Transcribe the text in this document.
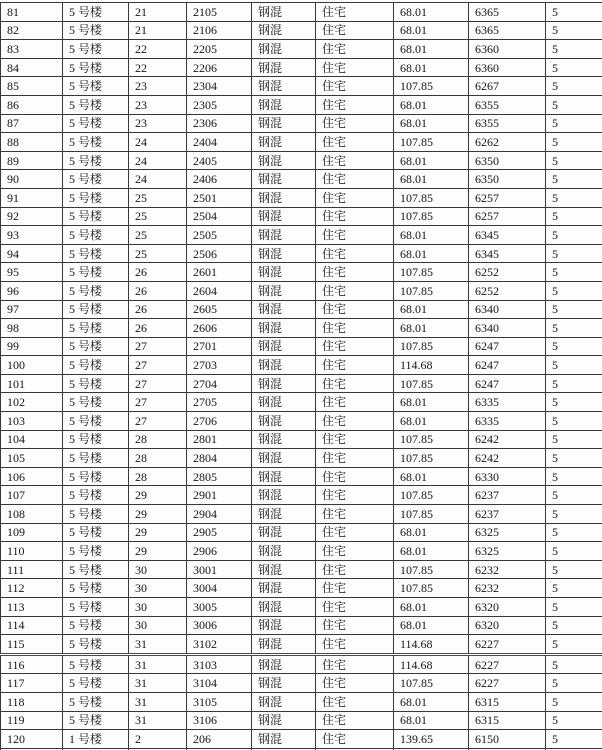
81	5 号楼	21	2105	钢混	住宅	68.01	6365	5
82	5 号楼	21	2106	钢混	住宅	68.01	6365	5
83	5 号楼	22	2205	钢混	住宅	68.01	6360	5
84	5 号楼	22	2206	钢混	住宅	68.01	6360	5
85	5 号楼	23	2304	钢混	住宅	107.85	6267	5
86	5 号楼	23	2305	钢混	住宅	68.01	6355	5
87	5 号楼	23	2306	钢混	住宅	68.01	6355	5
88	5 号楼	24	2404	钢混	住宅	107.85	6262	5
89	5 号楼	24	2405	钢混	住宅	68.01	6350	5
90	5 号楼	24	2406	钢混	住宅	68.01	6350	5
91	5 号楼	25	2501	钢混	住宅	107.85	6257	5
92	5 号楼	25	2504	钢混	住宅	107.85	6257	5
93	5 号楼	25	2505	钢混	住宅	68.01	6345	5
94	5 号楼	25	2506	钢混	住宅	68.01	6345	5
95	5 号楼	26	2601	钢混	住宅	107.85	6252	5
96	5 号楼	26	2604	钢混	住宅	107.85	6252	5
97	5 号楼	26	2605	钢混	住宅	68.01	6340	5
98	5 号楼	26	2606	钢混	住宅	68.01	6340	5
99	5 号楼	27	2701	钢混	住宅	107.85	6247	5
100	5 号楼	27	2703	钢混	住宅	114.68	6247	5
101	5 号楼	27	2704	钢混	住宅	107.85	6247	5
102	5 号楼	27	2705	钢混	住宅	68.01	6335	5
103	5 号楼	27	2706	钢混	住宅	68.01	6335	5
104	5 号楼	28	2801	钢混	住宅	107.85	6242	5
105	5 号楼	28	2804	钢混	住宅	107.85	6242	5
106	5 号楼	28	2805	钢混	住宅	68.01	6330	5
107	5 号楼	29	2901	钢混	住宅	107.85	6237	5
108	5 号楼	29	2904	钢混	住宅	107.85	6237	5
109	5 号楼	29	2905	钢混	住宅	68.01	6325	5
110	5 号楼	29	2906	钢混	住宅	68.01	6325	5
111	5 号楼	30	3001	钢混	住宅	107.85	6232	5
112	5 号楼	30	3004	钢混	住宅	107.85	6232	5
113	5 号楼	30	3005	钢混	住宅	68.01	6320	5
114	5 号楼	30	3006	钢混	住宅	68.01	6320	5
115	5 号楼	31	3102	钢混	住宅	114.68	6227	5
116	5 号楼	31	3103	钢混	住宅	114.68	6227	5
117	5 号楼	31	3104	钢混	住宅	107.85	6227	5
118	5 号楼	31	3105	钢混	住宅	68.01	6315	5
119	5 号楼	31	3106	钢混	住宅	68.01	6315	5
120	1 号楼	2	206	钢混	住宅	139.65	6150	5
